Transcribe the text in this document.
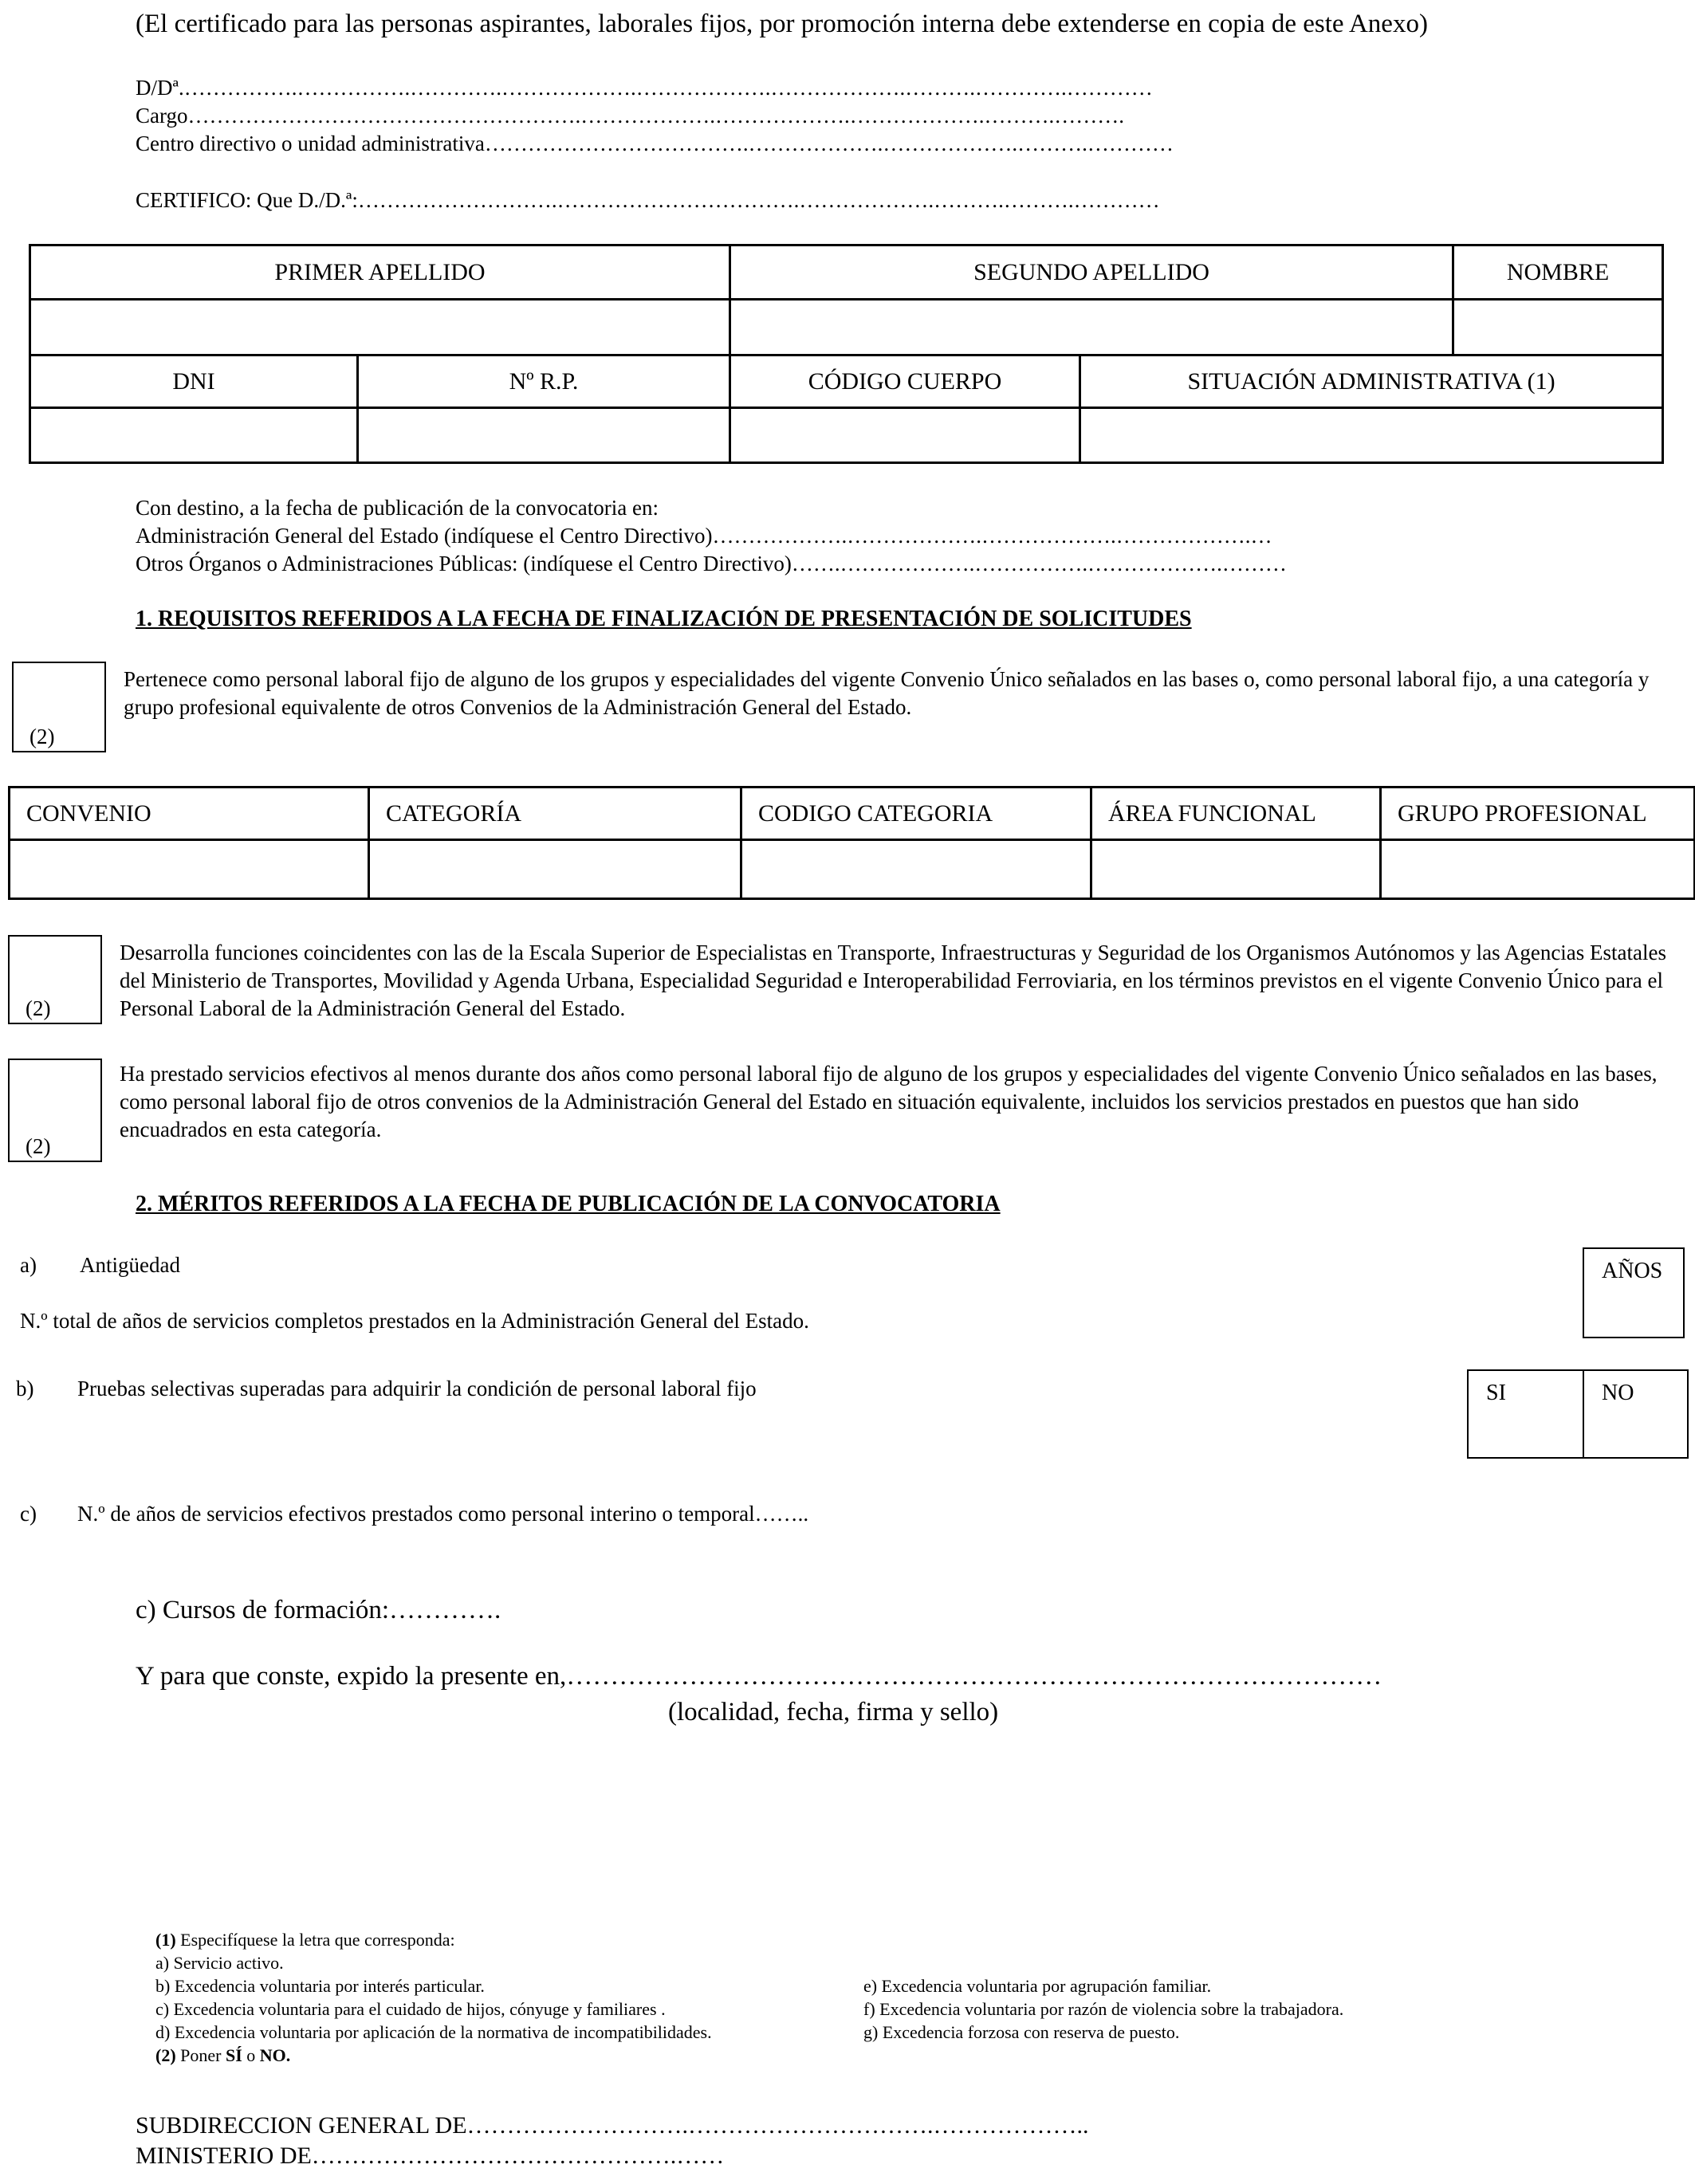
(El certificado para las personas aspirantes, laborales fijos, por promoción interna debe extenderse en copia de este Anexo)
D/Dª.…………….…………….………….……………….……………….……………….……….………….…………
Cargo……………………………………………….……………….……………….……………….……….……….
Centro directivo o unidad administrativa……………………………….……………….……………….……….…………
CERTIFICO: Que D./D.ª:……………………….…………………………….……………….……….……….…………
PRIMER APELLIDO		SEGUNDO APELLIDO		NOMBRE

DNI	Nº R.P.	CÓDIGO CUERPO	SITUACIÓN ADMINISTRATIVA (1)	

Con destino, a la fecha de publicación de la convocatoria en:
Administración General del Estado (indíquese el Centro Directivo)……………….……………….……………….……………….…
Otros Órganos o Administraciones Públicas: (indíquese el Centro Directivo)…….……………….…………….……………….………
1. REQUISITOS REFERIDOS A LA FECHA DE FINALIZACIÓN DE PRESENTACIÓN DE SOLICITUDES
(2)
Pertenece como personal laboral fijo de alguno de los grupos y especialidades del vigente Convenio Único señalados en las bases o, como personal laboral fijo, a una categoría y grupo profesional equivalente de otros Convenios de la Administración General del Estado.
CONVENIO	CATEGORÍA	CODIGO CATEGORIA	ÁREA FUNCIONAL	GRUPO PROFESIONAL

(2)
Desarrolla funciones coincidentes con las de la Escala Superior de Especialistas en Transporte, Infraestructuras y Seguridad de los Organismos Autónomos y las Agencias Estatales del Ministerio de Transportes, Movilidad y Agenda Urbana, Especialidad Seguridad e Interoperabilidad Ferroviaria, en los términos previstos en el vigente Convenio Único para el Personal Laboral de la Administración General del Estado.
(2)
Ha prestado servicios efectivos al menos durante dos años como personal laboral fijo de alguno de los grupos y especialidades del vigente Convenio Único señalados en las bases, como personal laboral fijo de otros convenios de la Administración General del Estado en situación equivalente, incluidos los servicios prestados en puestos que han sido encuadrados en esta categoría.
2. MÉRITOS REFERIDOS A LA FECHA DE PUBLICACIÓN DE LA CONVOCATORIA
a) Antigüedad
N.º total de años de servicios completos prestados en la Administración General del Estado.
AÑOS
b) Pruebas selectivas superadas para adquirir la condición de personal laboral fijo	SI	NO
c) N.º de años de servicios efectivos prestados como personal interino o temporal……..
c) Cursos de formación:………….
Y para que conste, expido la presente en,…………………………………………………………………………………
(localidad, fecha, firma y sello)
(1) Especifíquese la letra que corresponda:
a) Servicio activo.
b) Excedencia voluntaria por interés particular.
c) Excedencia voluntaria para el cuidado de hijos, cónyuge y familiares .
d) Excedencia voluntaria por aplicación de la normativa de incompatibilidades.
e) Excedencia voluntaria por agrupación familiar.
f) Excedencia voluntaria por razón de violencia sobre la trabajadora.
g) Excedencia forzosa con reserva de puesto.
(2) Poner SÍ o NO.
SUBDIRECCION GENERAL DE……………………….………………………….………………..
MINISTERIO DE……………………………………….……
